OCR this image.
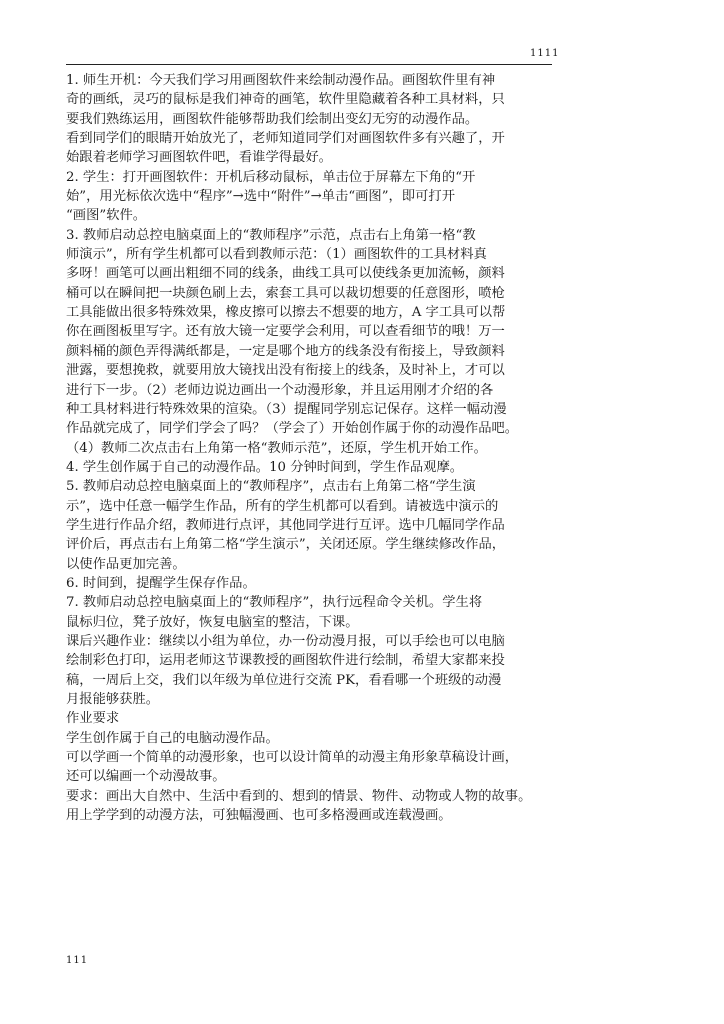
1111

1. 师生开机：今天我们学习用画图软件来绘制动漫作品。画图软件里有神

奇的画纸，灵巧的鼠标是我们神奇的画笔，软件里隐藏着各种工具材料，只

要我们熟练运用，画图软件能够帮助我们绘制出变幻无穷的动漫作品。

看到同学们的眼睛开始放光了，老师知道同学们对画图软件多有兴趣了，开

始跟着老师学习画图软件吧，看谁学得最好。

2. 学生：打开画图软件：开机后移动鼠标，单击位于屏幕左下角的“开

始”，用光标依次选中“程序”→选中“附件”→单击“画图”，即可打开

“画图”软件。

3. 教师启动总控电脑桌面上的“教师程序”示范，点击右上角第一格“教

师演示”，所有学生机都可以看到教师示范：（1）画图软件的工具材料真

多呀！画笔可以画出粗细不同的线条，曲线工具可以使线条更加流畅，颜料

桶可以在瞬间把一块颜色刷上去，索套工具可以裁切想要的任意图形，喷枪

工具能做出很多特殊效果，橡皮擦可以擦去不想要的地方，A 字工具可以帮

你在画图板里写字。还有放大镜一定要学会利用，可以查看细节的哦！万一

颜料桶的颜色弄得满纸都是，一定是哪个地方的线条没有衔接上，导致颜料

泄露，要想挽救，就要用放大镜找出没有衔接上的线条，及时补上，才可以

进行下一步。（2）老师边说边画出一个动漫形象，并且运用刚才介绍的各

种工具材料进行特殊效果的渲染。（3）提醒同学别忘记保存。这样一幅动漫

作品就完成了，同学们学会了吗？（学会了）开始创作属于你的动漫作品吧。

（4）教师二次点击右上角第一格“教师示范”，还原，学生机开始工作。

4. 学生创作属于自己的动漫作品。10 分钟时间到，学生作品观摩。

5. 教师启动总控电脑桌面上的“教师程序”，点击右上角第二格“学生演

示”，选中任意一幅学生作品，所有的学生机都可以看到。请被选中演示的

学生进行作品介绍，教师进行点评，其他同学进行互评。选中几幅同学作品

评价后，再点击右上角第二格“学生演示”，关闭还原。学生继续修改作品，

以使作品更加完善。

6. 时间到，提醒学生保存作品。

7. 教师启动总控电脑桌面上的“教师程序”，执行远程命令关机。学生将

鼠标归位，凳子放好，恢复电脑室的整洁，下课。

课后兴趣作业：继续以小组为单位，办一份动漫月报，可以手绘也可以电脑

绘制彩色打印，运用老师这节课教授的画图软件进行绘制，希望大家都来投

稿，一周后上交，我们以年级为单位进行交流 PK，看看哪一个班级的动漫

月报能够获胜。

作业要求

学生创作属于自己的电脑动漫作品。

可以学画一个简单的动漫形象，也可以设计简单的动漫主角形象草稿设计画，

还可以编画一个动漫故事。

要求：画出大自然中、生活中看到的、想到的情景、物件、动物或人物的故事。

用上学学到的动漫方法，可独幅漫画、也可多格漫画或连载漫画。

111
